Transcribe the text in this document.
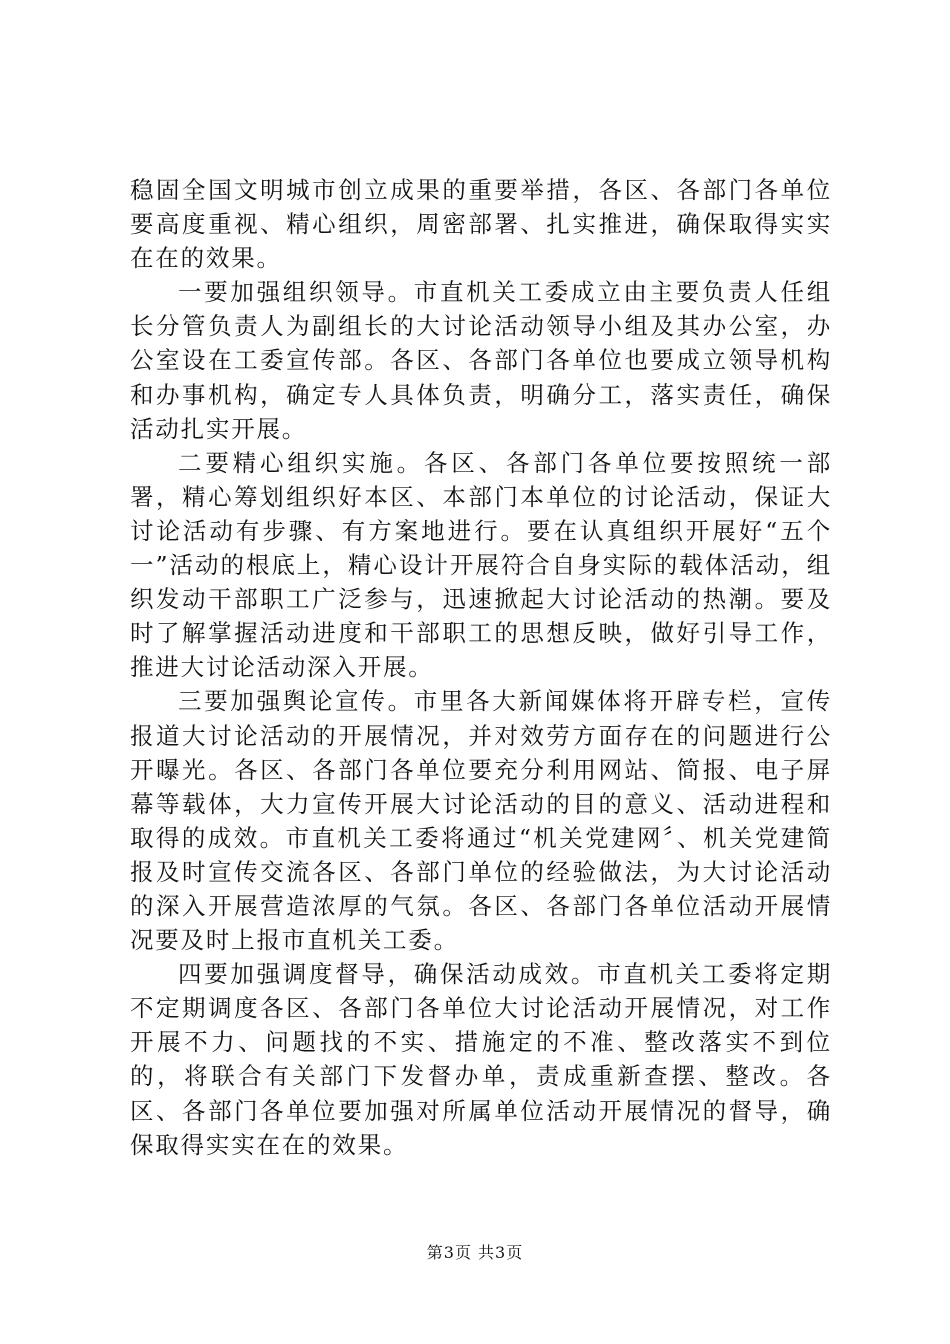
稳固全国文明城市创立成果的重要举措，各区、各部门各单位要高度重视、精心组织，周密部署、扎实推进，确保取得实实在在的效果。

一要加强组织领导。市直机关工委成立由主要负责人任组长分管负责人为副组长的大讨论活动领导小组及其办公室，办公室设在工委宣传部。各区、各部门各单位也要成立领导机构和办事机构，确定专人具体负责，明确分工，落实责任，确保活动扎实开展。

二要精心组织实施。各区、各部门各单位要按照统一部署，精心筹划组织好本区、本部门本单位的讨论活动，保证大讨论活动有步骤、有方案地进行。要在认真组织开展好“五个一”活动的根底上，精心设计开展符合自身实际的载体活动，组织发动干部职工广泛参与，迅速掀起大讨论活动的热潮。要及时了解掌握活动进度和干部职工的思想反映，做好引导工作，推进大讨论活动深入开展。

三要加强舆论宣传。市里各大新闻媒体将开辟专栏，宣传报道大讨论活动的开展情况，并对效劳方面存在的问题进行公开曝光。各区、各部门各单位要充分利用网站、简报、电子屏幕等载体，大力宣传开展大讨论活动的目的意义、活动进程和取得的成效。市直机关工委将通过“机关党建网〞、机关党建简报及时宣传交流各区、各部门单位的经验做法，为大讨论活动的深入开展营造浓厚的气氛。各区、各部门各单位活动开展情况要及时上报市直机关工委。

四要加强调度督导，确保活动成效。市直机关工委将定期不定期调度各区、各部门各单位大讨论活动开展情况，对工作开展不力、问题找的不实、措施定的不准、整改落实不到位的，将联合有关部门下发督办单，责成重新查摆、整改。各区、各部门各单位要加强对所属单位活动开展情况的督导，确保取得实实在在的效果。

第3页 共3页
